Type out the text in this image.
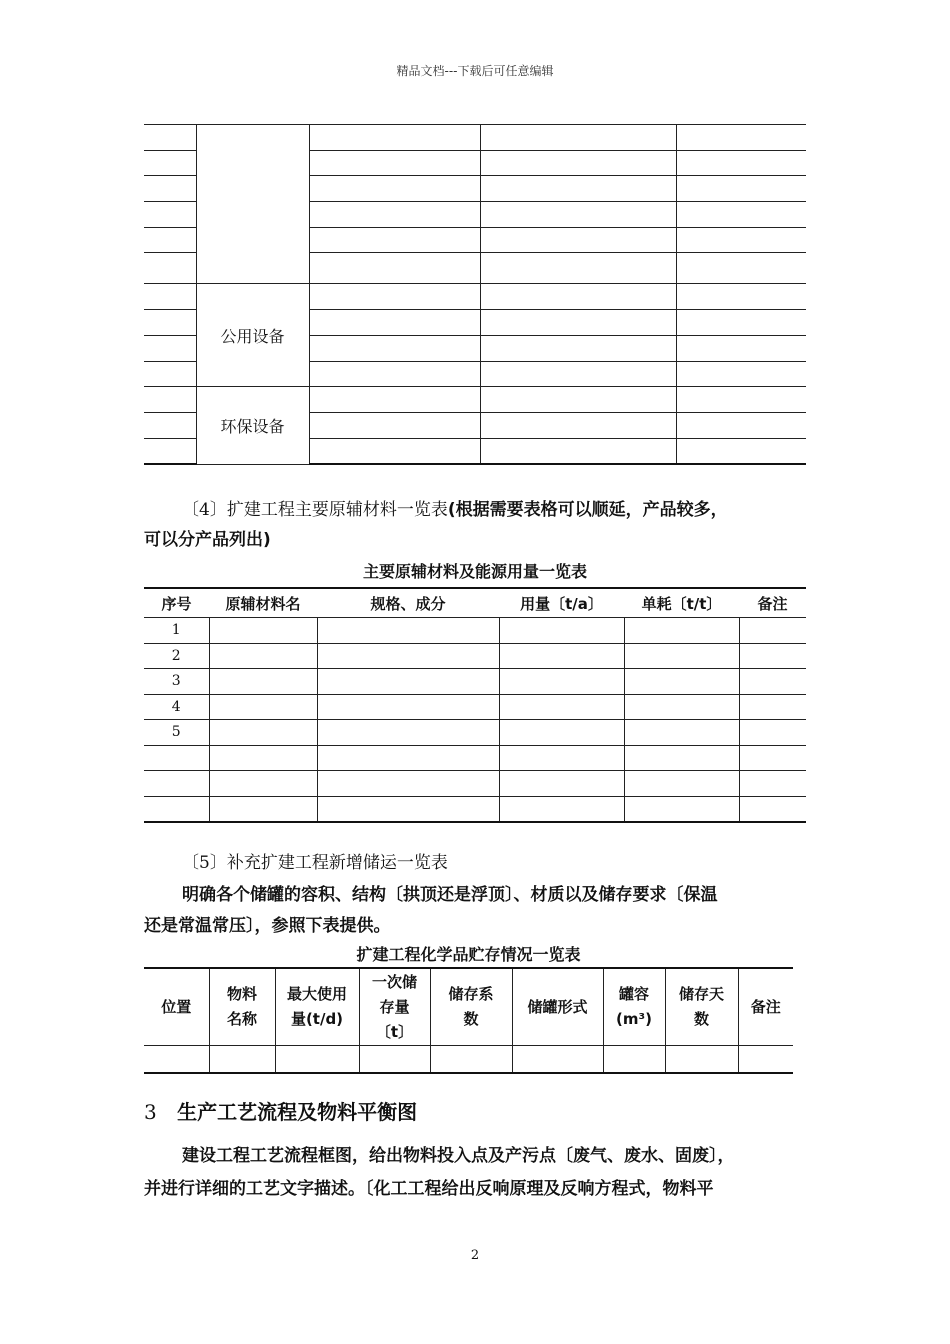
精品文档---下载后可任意编辑

	公用设备			

	环保设备			

〔4〕扩建工程主要原辅材料一览表(根据需要表格可以顺延，产品较多，
可以分产品列出)
主要原辅材料及能源用量一览表
序号	原辅材料名	规格、成分	用量〔t/a〕	单耗〔t/t〕	备注
1					
2					
3					
4					
5					

〔5〕补充扩建工程新增储运一览表
明确各个储罐的容积、结构〔拱顶还是浮顶〕、材质以及储存要求〔保温
还是常温常压〕，参照下表提供。
扩建工程化学品贮存情况一览表
位置	物料名称	最大使用量(t/d)	一次储存量〔t〕	储存系数	储罐形式	罐容(m³)	储存天数	备注

3 生产工艺流程及物料平衡图
建设工程工艺流程框图，给出物料投入点及产污点〔废气、废水、固废〕，
并进行详细的工艺文字描述。〔化工工程给出反响原理及反响方程式，物料平
2
